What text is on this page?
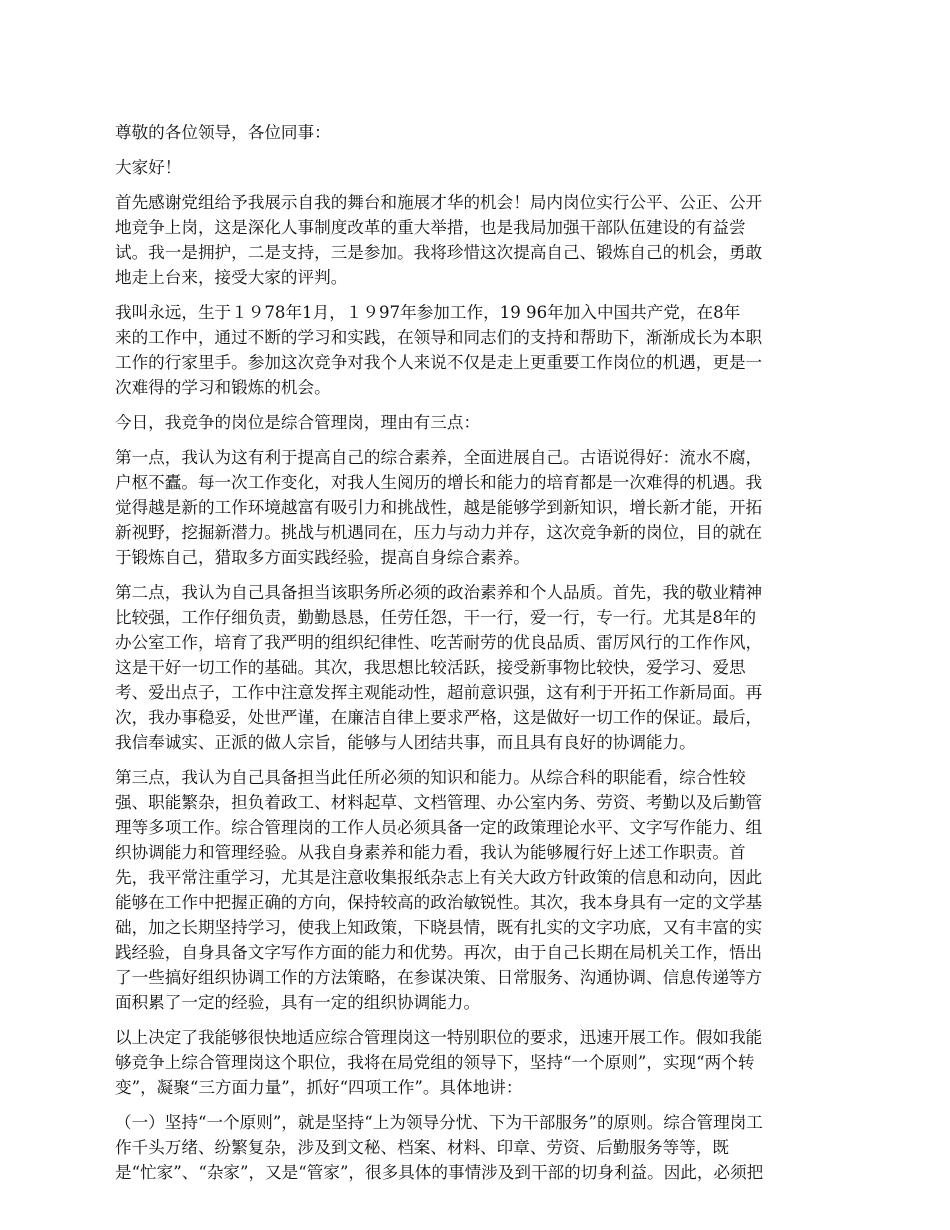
尊敬的各位领导，各位同事：

大家好！

首先感谢党组给予我展示自我的舞台和施展才华的机会！局内岗位实行公平、公正、公开
地竞争上岗，这是深化人事制度改革的重大举措，也是我局加强干部队伍建设的有益尝
试。我一是拥护，二是支持，三是参加。我将珍惜这次提高自己、锻炼自己的机会，勇敢
地走上台来，接受大家的评判。

我叫永远，生于１９78年1月，１９97年参加工作，19 96年加入中国共产党，在8年
来的工作中，通过不断的学习和实践，在领导和同志们的支持和帮助下，渐渐成长为本职
工作的行家里手。参加这次竞争对我个人来说不仅是走上更重要工作岗位的机遇，更是一
次难得的学习和锻炼的机会。

今日，我竞争的岗位是综合管理岗，理由有三点：

第一点，我认为这有利于提高自己的综合素养，全面进展自己。古语说得好：流水不腐，
户枢不蠹。每一次工作变化，对我人生阅历的增长和能力的培育都是一次难得的机遇。我
觉得越是新的工作环境越富有吸引力和挑战性，越是能够学到新知识，增长新才能，开拓
新视野，挖掘新潜力。挑战与机遇同在，压力与动力并存，这次竞争新的岗位，目的就在
于锻炼自己，猎取多方面实践经验，提高自身综合素养。

第二点，我认为自己具备担当该职务所必须的政治素养和个人品质。首先，我的敬业精神
比较强，工作仔细负责，勤勤恳恳，任劳任怨，干一行，爱一行，专一行。尤其是8年的
办公室工作，培育了我严明的组织纪律性、吃苦耐劳的优良品质、雷厉风行的工作作风，
这是干好一切工作的基础。其次，我思想比较活跃，接受新事物比较快，爱学习、爱思
考、爱出点子，工作中注意发挥主观能动性，超前意识强，这有利于开拓工作新局面。再
次，我办事稳妥，处世严谨，在廉洁自律上要求严格，这是做好一切工作的保证。最后，
我信奉诚实、正派的做人宗旨，能够与人团结共事，而且具有良好的协调能力。

第三点，我认为自己具备担当此任所必须的知识和能力。从综合科的职能看，综合性较
强、职能繁杂，担负着政工、材料起草、文档管理、办公室内务、劳资、考勤以及后勤管
理等多项工作。综合管理岗的工作人员必须具备一定的政策理论水平、文字写作能力、组
织协调能力和管理经验。从我自身素养和能力看，我认为能够履行好上述工作职责。首
先，我平常注重学习，尤其是注意收集报纸杂志上有关大政方针政策的信息和动向，因此
能够在工作中把握正确的方向，保持较高的政治敏锐性。其次，我本身具有一定的文学基
础，加之长期坚持学习，使我上知政策，下晓县情，既有扎实的文字功底，又有丰富的实
践经验，自身具备文字写作方面的能力和优势。再次，由于自己长期在局机关工作，悟出
了一些搞好组织协调工作的方法策略，在参谋决策、日常服务、沟通协调、信息传递等方
面积累了一定的经验，具有一定的组织协调能力。

以上决定了我能够很快地适应综合管理岗这一特别职位的要求，迅速开展工作。假如我能
够竞争上综合管理岗这个职位，我将在局党组的领导下，坚持“一个原则”，实现“两个转
变”，凝聚“三方面力量”，抓好“四项工作”。具体地讲：

（一）坚持“一个原则”，就是坚持“上为领导分忧、下为干部服务”的原则。综合管理岗工
作千头万绪、纷繁复杂，涉及到文秘、档案、材料、印章、劳资、后勤服务等等，既
是“忙家”、“杂家”，又是“管家”，很多具体的事情涉及到干部的切身利益。因此，必须把
